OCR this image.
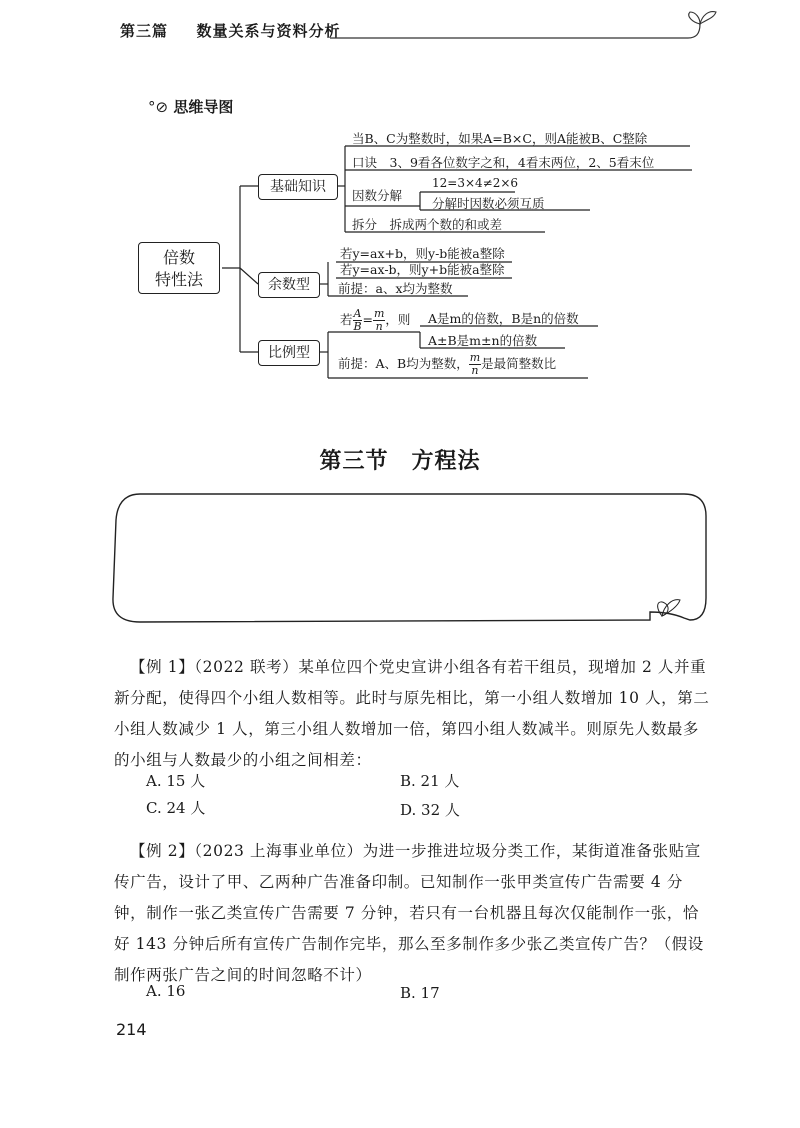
第三篇 数量关系与资料分析
°⊘ 思维导图
倍数
特性法
基础知识
余数型
比例型
当B、C为整数时，如果A=B×C，则A能被B、C整除
口诀　3、9看各位数字之和，4看末两位，2、5看末位
因数分解
12=3×4≠2×6
分解时因数必须互质
拆分　拆成两个数的和或差
若y=ax+b，则y-b能被a整除
若y=ax-b，则y+b能被a整除
前提：a、x均为整数
若 $\frac{A}{B} = \frac{m}{n}$ ，则 A是m的倍数，B是n的倍数
A±B是m±n的倍数
前提：A、B均为整数， $\frac{m}{n}$ 是最简整数比
第三节　方程法
【例 1】（2022 联考）某单位四个党史宣讲小组各有若干组员，现增加 2 人并重新分配，使得四个小组人数相等。此时与原先相比，第一小组人数增加 10 人，第二小组人数减少 1 人，第三小组人数增加一倍，第四小组人数减半。则原先人数最多的小组与人数最少的小组之间相差：
A. 15 人	B. 21 人
C. 24 人	D. 32 人
【例 2】（2023 上海事业单位）为进一步推进垃圾分类工作，某街道准备张贴宣传广告，设计了甲、乙两种广告准备印制。已知制作一张甲类宣传广告需要 4 分钟，制作一张乙类宣传广告需要 7 分钟，若只有一台机器且每次仅能制作一张，恰好 143 分钟后所有宣传广告制作完毕，那么至多制作多少张乙类宣传广告？（假设制作两张广告之间的时间忽略不计）
A. 16	B. 17
214
